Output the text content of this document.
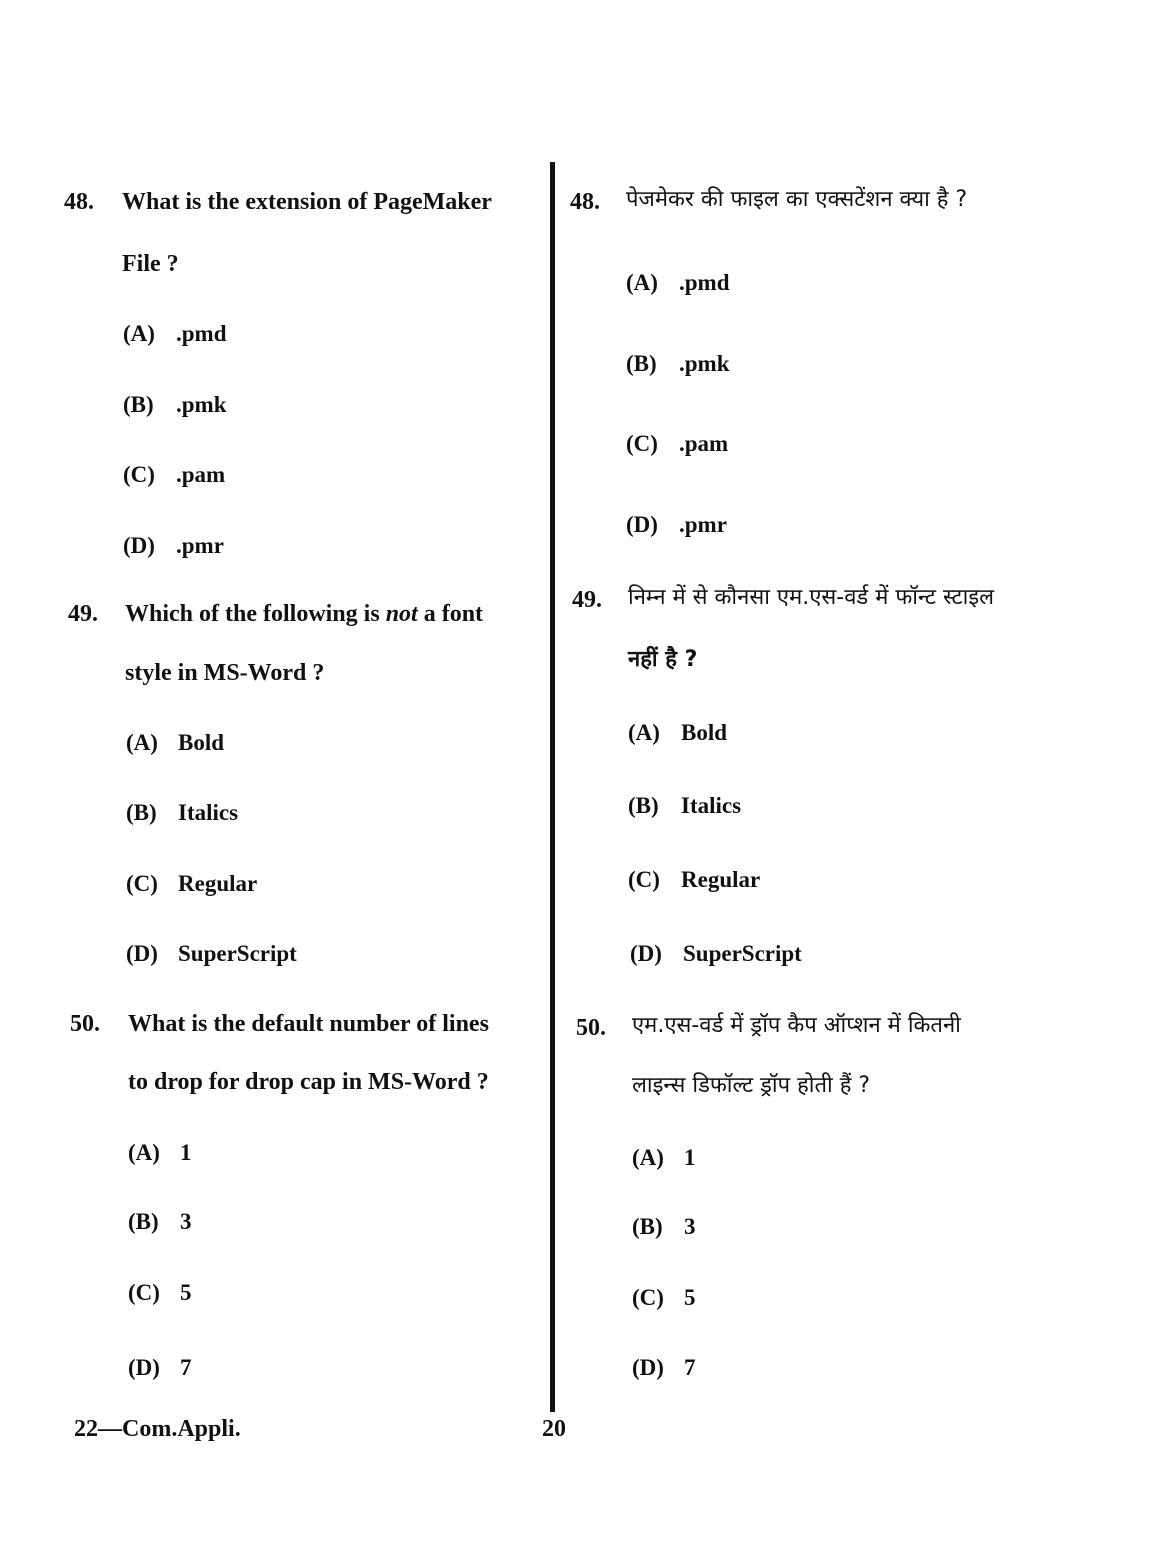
48. What is the extension of PageMaker
File ?
(A) .pmd
(B) .pmk
(C) .pam
(D) .pmr
49. Which of the following is not a font
style in MS-Word ?
(A) Bold
(B) Italics
(C) Regular
(D) SuperScript
50. What is the default number of lines
to drop for drop cap in MS-Word ?
(A) 1
(B) 3
(C) 5
(D) 7
48. पेजमेकर की फाइल का एक्सटेंशन क्या है ?
(A) .pmd
(B) .pmk
(C) .pam
(D) .pmr
49. निम्न में से कौनसा एम.एस-वर्ड में फॉन्ट स्टाइल
नहीं है ?
(A) Bold
(B) Italics
(C) Regular
(D) SuperScript
50. एम.एस-वर्ड में ड्रॉप कैप ऑप्शन में कितनी
लाइन्स डिफॉल्ट ड्रॉप होती हैं ?
(A) 1
(B) 3
(C) 5
(D) 7
22—Com.Appli.	20
